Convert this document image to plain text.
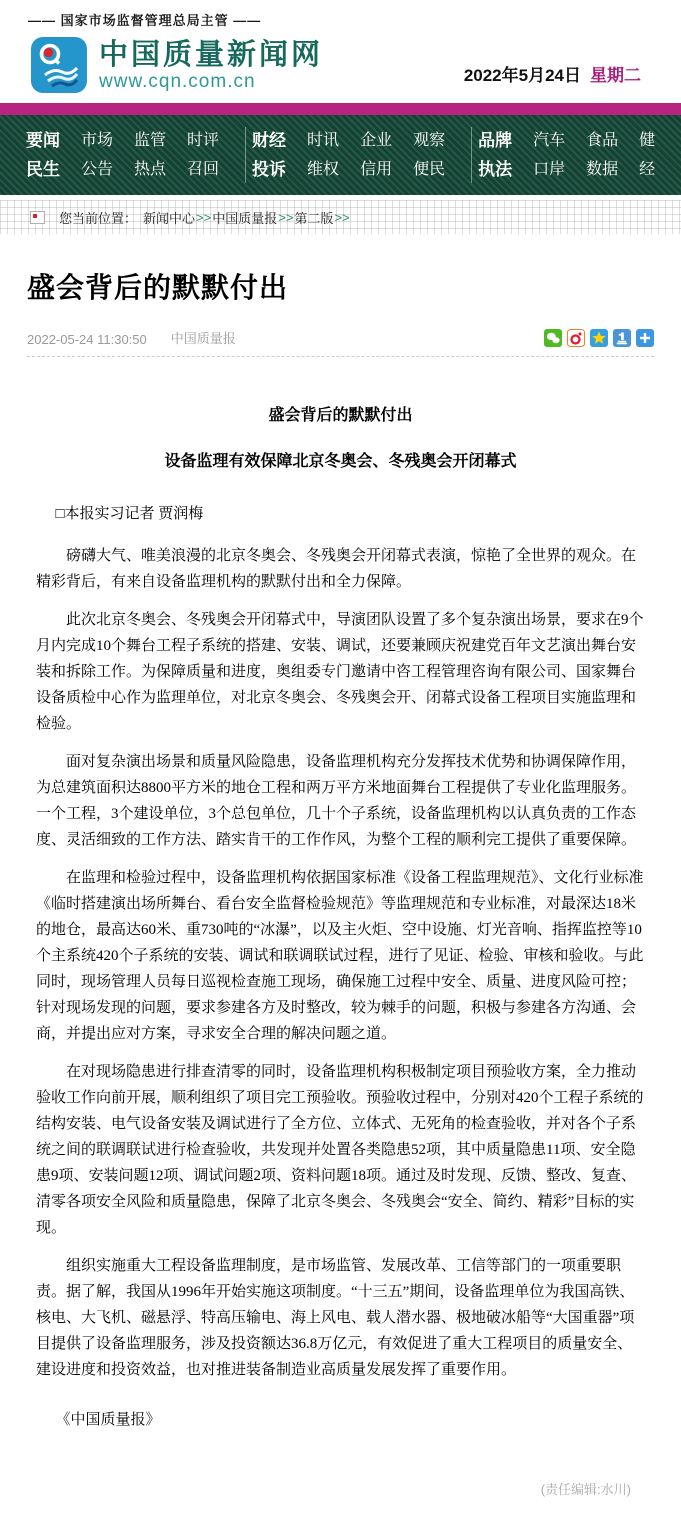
—— 国家市场监督管理总局主管 ——
中国质量新闻网
www.cqn.com.cn	2022年5月24日 星期二
要闻
民生
市场
公告
监管
热点
时评
召回
财经
投诉
时讯
维权
企业
信用
观察
便民
品牌
执法
汽车
口岸
食品
数据
健
经
您当前位置： 新闻中心 >> 中国质量报 >> 第二版 >>
盛会背后的默默付出
2022-05-24 11:30:50 中国质量报
盛会背后的默默付出
设备监理有效保障北京冬奥会、冬残奥会开闭幕式
□本报实习记者 贾润梅

磅礴大气、唯美浪漫的北京冬奥会、冬残奥会开闭幕式表演，惊艳了全世界的观众。在精彩背后，有来自设备监理机构的默默付出和全力保障。

此次北京冬奥会、冬残奥会开闭幕式中，导演团队设置了多个复杂演出场景，要求在9个月内完成10个舞台工程子系统的搭建、安装、调试，还要兼顾庆祝建党百年文艺演出舞台安装和拆除工作。为保障质量和进度，奥组委专门邀请中咨工程管理咨询有限公司、国家舞台设备质检中心作为监理单位，对北京冬奥会、冬残奥会开、闭幕式设备工程项目实施监理和检验。

面对复杂演出场景和质量风险隐患，设备监理机构充分发挥技术优势和协调保障作用，为总建筑面积达8800平方米的地仓工程和两万平方米地面舞台工程提供了专业化监理服务。一个工程，3个建设单位，3个总包单位，几十个子系统，设备监理机构以认真负责的工作态度、灵活细致的工作方法、踏实肯干的工作作风，为整个工程的顺利完工提供了重要保障。

在监理和检验过程中，设备监理机构依据国家标准《设备工程监理规范》、文化行业标准《临时搭建演出场所舞台、看台安全监督检验规范》等监理规范和专业标准，对最深达18米的地仓，最高达60米、重730吨的“冰瀑”，以及主火炬、空中设施、灯光音响、指挥监控等10个主系统420个子系统的安装、调试和联调联试过程，进行了见证、检验、审核和验收。与此同时，现场管理人员每日巡视检查施工现场，确保施工过程中安全、质量、进度风险可控；针对现场发现的问题，要求参建各方及时整改，较为棘手的问题，积极与参建各方沟通、会商，并提出应对方案，寻求安全合理的解决问题之道。

在对现场隐患进行排查清零的同时，设备监理机构积极制定项目预验收方案，全力推动验收工作向前开展，顺利组织了项目完工预验收。预验收过程中，分别对420个工程子系统的结构安装、电气设备安装及调试进行了全方位、立体式、无死角的检查验收，并对各个子系统之间的联调联试进行检查验收，共发现并处置各类隐患52项，其中质量隐患11项、安全隐患9项、安装问题12项、调试问题2项、资料问题18项。通过及时发现、反馈、整改、复查、清零各项安全风险和质量隐患，保障了北京冬奥会、冬残奥会“安全、简约、精彩”目标的实现。

组织实施重大工程设备监理制度，是市场监管、发展改革、工信等部门的一项重要职责。据了解，我国从1996年开始实施这项制度。“十三五”期间，设备监理单位为我国高铁、核电、大飞机、磁悬浮、特高压输电、海上风电、载人潜水器、极地破冰船等“大国重器”项目提供了设备监理服务，涉及投资额达36.8万亿元，有效促进了重大工程项目的质量安全、建设进度和投资效益，也对推进装备制造业高质量发展发挥了重要作用。

《中国质量报》
(责任编辑:水川)
